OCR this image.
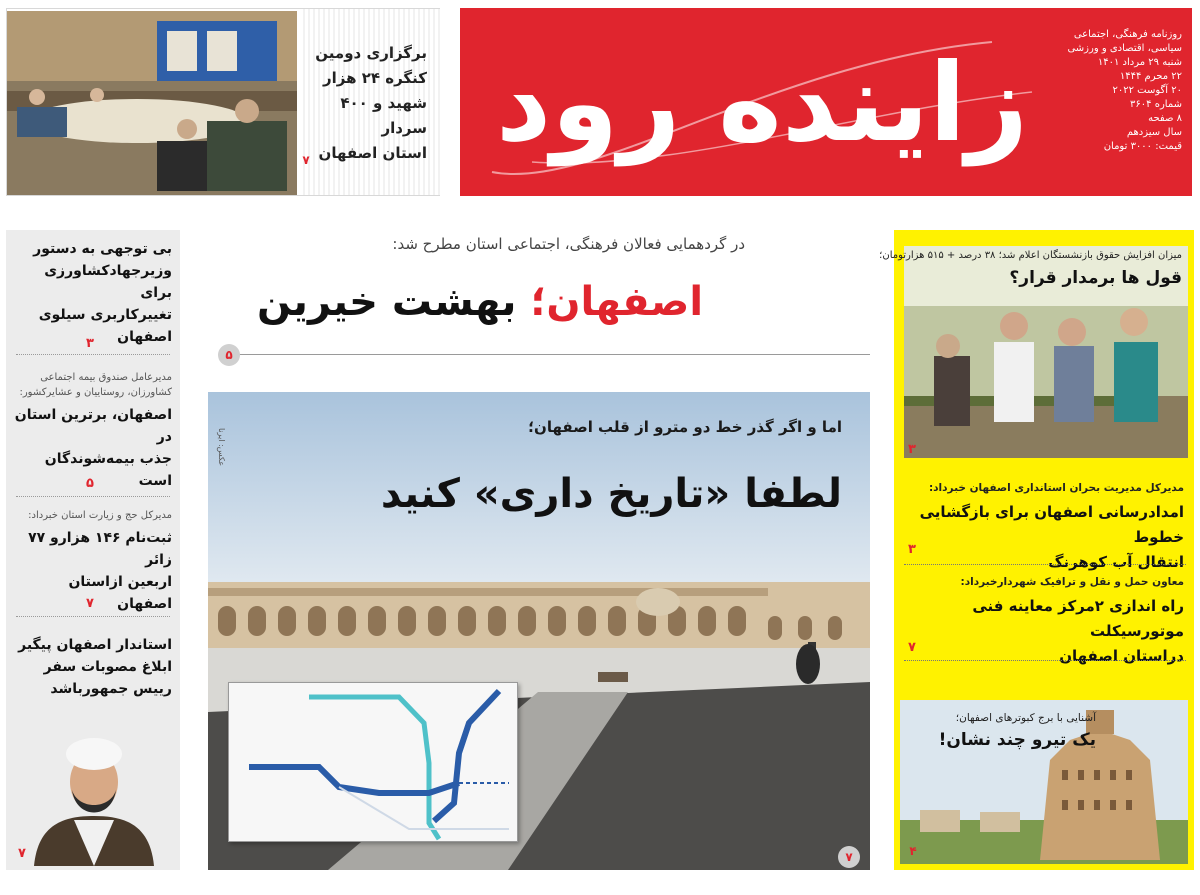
زاینده رود
روزنامه فرهنگی، اجتماعی
سیاسی، اقتصادی و ورزشی
شنبه ۲۹ مرداد ۱۴۰۱
۲۲ محرم ۱۴۴۴
۲۰ آگوست ۲۰۲۲
شماره ۳۶۰۴
۸ صفحه
سال سیزدهم
قیمت: ۳۰۰۰ تومان
برگزاری دومین
کنگره ۲۴ هزار
شهید و ۴۰۰ سردار
استان اصفهان
۷
بی توجهی به دستور
وزیرجهادکشاورزی برای
تغییرکاربری سیلوی اصفهان
۳
مدیرعامل صندوق بیمه اجتماعی کشاورزان، روستاییان و عشایرکشور:
اصفهان، برترین استان در
جذب بیمه‌شوندگان است
۵
مدیرکل حج و زیارت استان خبرداد:
ثبت‌نام ۱۴۶ هزارو ۷۷ زائر
اربعین ازاستان اصفهان
۷
استاندار اصفهان پیگیر
ابلاغ مصوبات سفر
رییس جمهورباشد
۷
در گردهمایی فعالان فرهنگی، اجتماعی استان مطرح شد:
اصفهان؛ بهشت خیرین
۵
عکس: ایرنا
اما و اگر گذر خط دو مترو از قلب اصفهان؛
لطفا «تاریخ داری» کنید
۷
میزان افزایش حقوق بازنشستگان اعلام شد؛ ۳۸ درصد + ۵۱۵ هزارتومان؛
قول ها برمدار قرار؟
۳
مدیرکل مدیریت بحران استانداری اصفهان خبرداد:
امدادرسانی اصفهان برای بازگشایی خطوط
انتقال آب کوهرنگ
۳
معاون حمل و نقل و ترافیک شهردارخبرداد:
راه اندازی ۲مرکز معاینه فنی موتورسیکلت
دراستان اصفهان
۷
آشنایی با برج کبوترهای اصفهان؛
یک تیرو چند نشان!
۴
